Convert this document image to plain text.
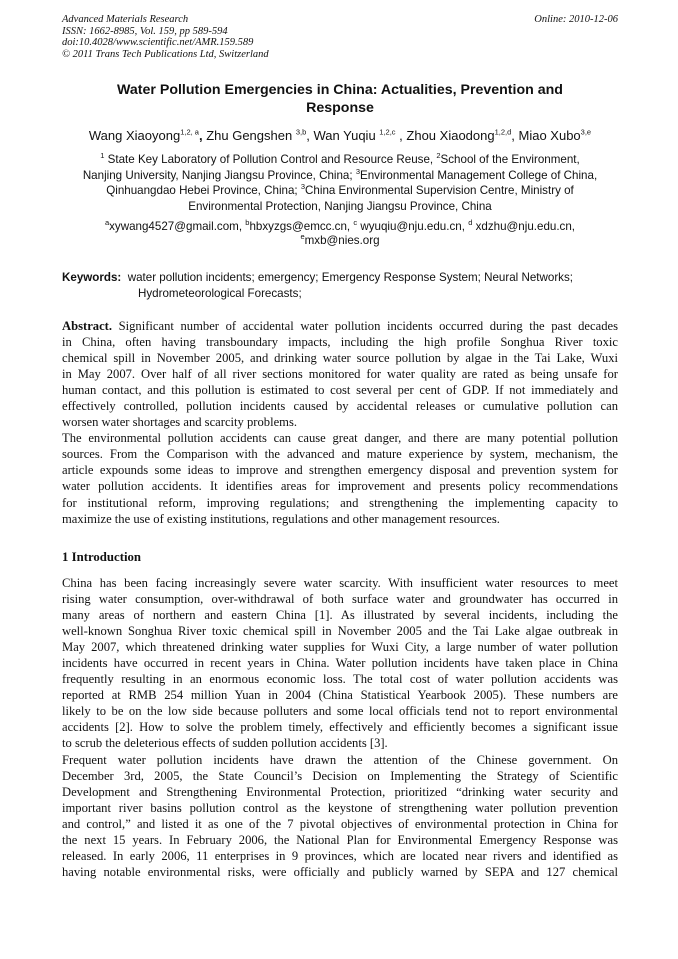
Advanced Materials Research
ISSN: 1662-8985, Vol. 159, pp 589-594
doi:10.4028/www.scientific.net/AMR.159.589
© 2011 Trans Tech Publications Ltd, Switzerland
Online: 2010-12-06
Water Pollution Emergencies in China: Actualities, Prevention and
Response
Wang Xiaoyong$^{1,2, a}$, Zhu Gengshen $^{3,b}$, Wan Yuqiu $^{1,2,c}$ , Zhou Xiaodong$^{1,2,d}$, Miao Xubo$^{3,e}$
$^1$ State Key Laboratory of Pollution Control and Resource Reuse, $^2$School of the Environment,
Nanjing University, Nanjing Jiangsu Province, China; $^3$Environmental Management College of China,
Qinhuangdao Hebei Province, China; $^3$China Environmental Supervision Centre, Ministry of
Environmental Protection, Nanjing Jiangsu Province, China
$^a$xywang4527@gmail.com, $^b$hbxyzgs@emcc.cn, $^c$ wyuqiu@nju.edu.cn, $^d$ xdzhu@nju.edu.cn,
$^e$mxb@nies.org
Keywords: water pollution incidents; emergency; Emergency Response System; Neural Networks;
Hydrometeorological Forecasts;
Abstract. Significant number of accidental water pollution incidents occurred during the past decades
in China, often having transboundary impacts, including the high profile Songhua River toxic
chemical spill in November 2005, and drinking water source pollution by algae in the Tai Lake, Wuxi
in May 2007. Over half of all river sections monitored for water quality are rated as being unsafe for
human contact, and this pollution is estimated to cost several per cent of GDP. If not immediately and
effectively controlled, pollution incidents caused by accidental releases or cumulative pollution can
worsen water shortages and scarcity problems.
The environmental pollution accidents can cause great danger, and there are many potential pollution
sources. From the Comparison with the advanced and mature experience by system, mechanism, the
article expounds some ideas to improve and strengthen emergency disposal and prevention system for
water pollution accidents. It identifies areas for improvement and presents policy recommendations
for institutional reform, improving regulations; and strengthening the implementing capacity to
maximize the use of existing institutions, regulations and other management resources.
1 Introduction
China has been facing increasingly severe water scarcity. With insufficient water resources to meet
rising water consumption, over-withdrawal of both surface water and groundwater has occurred in
many areas of northern and eastern China [1]. As illustrated by several incidents, including the
well-known Songhua River toxic chemical spill in November 2005 and the Tai Lake algae outbreak in
May 2007, which threatened drinking water supplies for Wuxi City, a large number of water pollution
incidents have occurred in recent years in China. Water pollution incidents have taken place in China
frequently resulting in an enormous economic loss. The total cost of water pollution accidents was
reported at RMB 254 million Yuan in 2004 (China Statistical Yearbook 2005). These numbers are
likely to be on the low side because polluters and some local officials tend not to report environmental
accidents [2]. How to solve the problem timely, effectively and efficiently becomes a significant issue
to scrub the deleterious effects of sudden pollution accidents [3].
Frequent water pollution incidents have drawn the attention of the Chinese government. On
December 3rd, 2005, the State Council’s Decision on Implementing the Strategy of Scientific
Development and Strengthening Environmental Protection, prioritized “drinking water security and
important river basins pollution control as the keystone of strengthening water pollution prevention
and control,” and listed it as one of the 7 pivotal objectives of environmental protection in China for
the next 15 years. In February 2006, the National Plan for Environmental Emergency Response was
released. In early 2006, 11 enterprises in 9 provinces, which are located near rivers and identified as
having notable environmental risks, were officially and publicly warned by SEPA and 127 chemical
